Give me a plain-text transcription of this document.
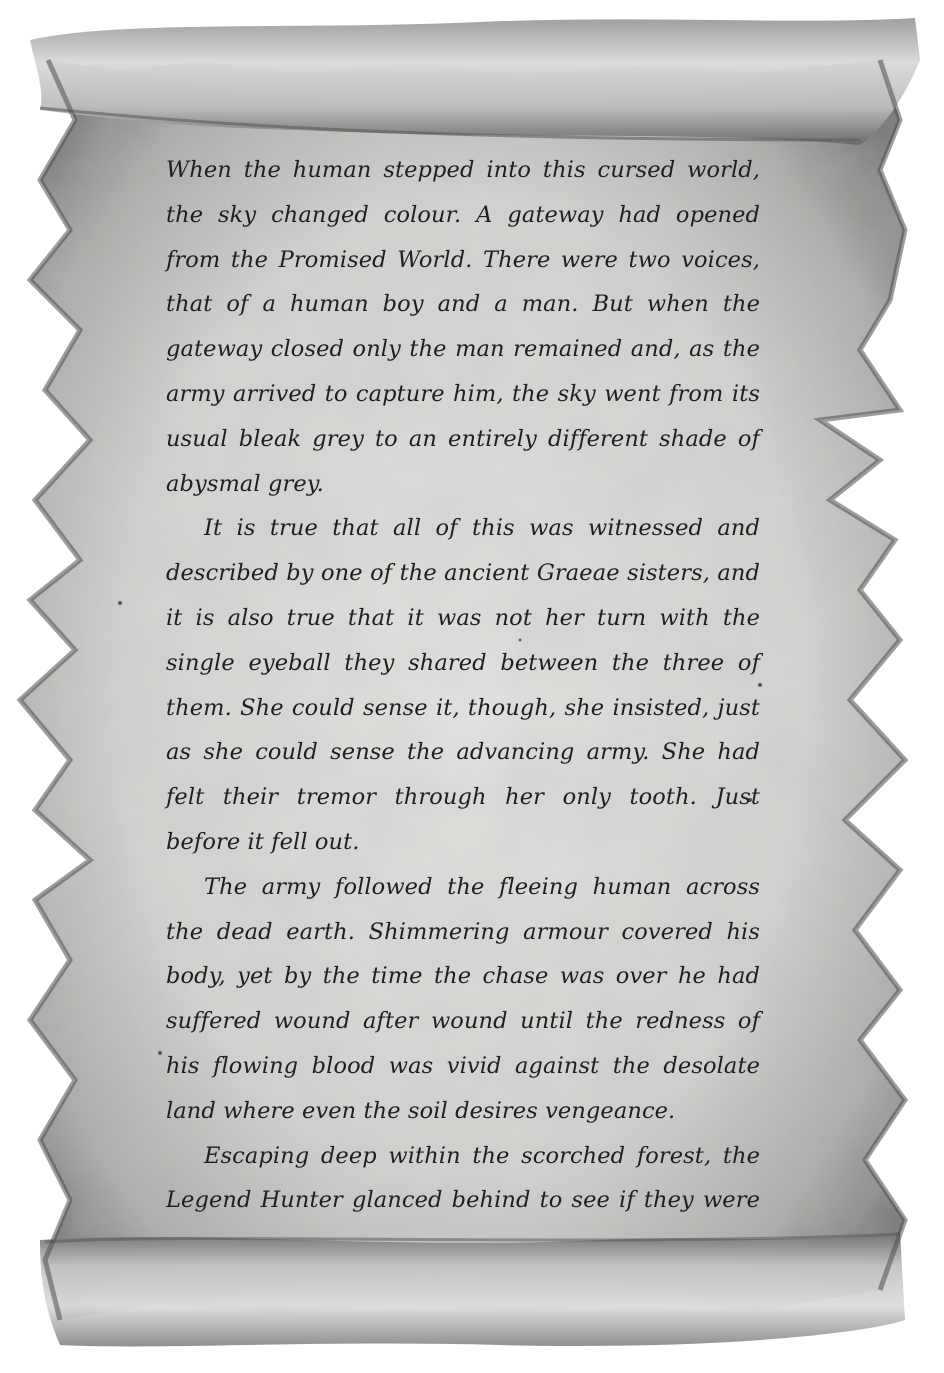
When the human stepped into this cursed world, the sky changed colour. A gateway had opened from the Promised World. There were two voices, that of a human boy and a man. But when the gateway closed only the man remained and, as the army arrived to capture him, the sky went from its usual bleak grey to an entirely different shade of abysmal grey.

It is true that all of this was witnessed and described by one of the ancient Graeae sisters, and it is also true that it was not her turn with the single eyeball they shared between the three of them. She could sense it, though, she insisted, just as she could sense the advancing army. She had felt their tremor through her only tooth. Just before it fell out.

The army followed the fleeing human across the dead earth. Shimmering armour covered his body, yet by the time the chase was over he had suffered wound after wound until the redness of his flowing blood was vivid against the desolate land where even the soil desires vengeance.

Escaping deep within the scorched forest, the Legend Hunter glanced behind to see if they were
